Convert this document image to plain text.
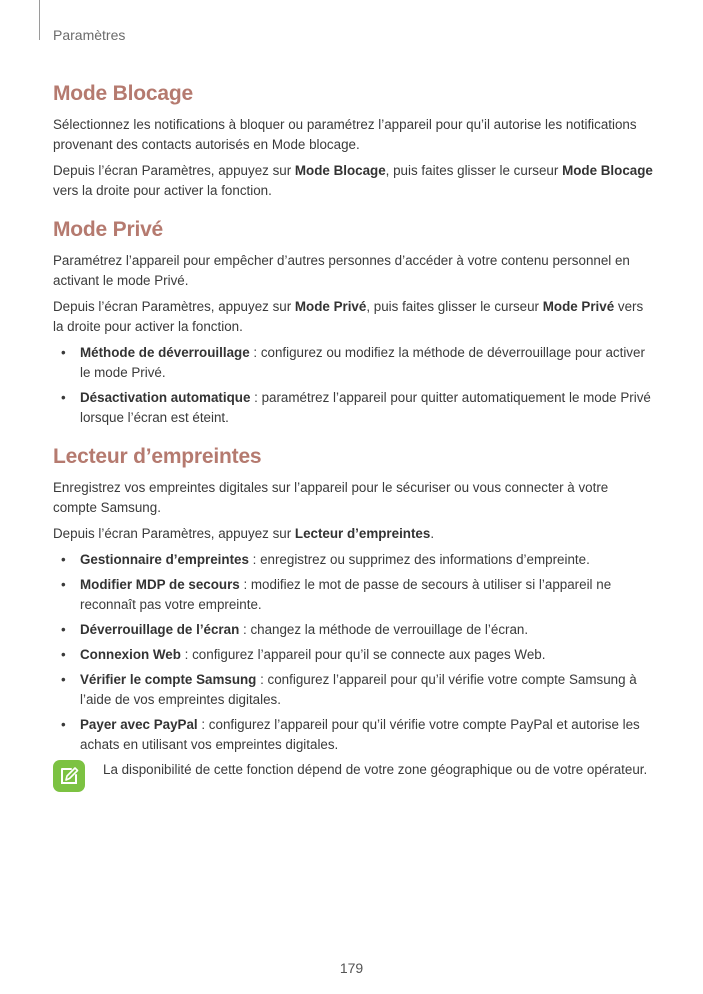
Paramètres
Mode Blocage

Sélectionnez les notifications à bloquer ou paramétrez l’appareil pour qu’il autorise les notifications provenant des contacts autorisés en Mode blocage.

Depuis l’écran Paramètres, appuyez sur Mode Blocage, puis faites glisser le curseur Mode Blocage vers la droite pour activer la fonction.

Mode Privé

Paramétrez l’appareil pour empêcher d’autres personnes d’accéder à votre contenu personnel en activant le mode Privé.

Depuis l’écran Paramètres, appuyez sur Mode Privé, puis faites glisser le curseur Mode Privé vers la droite pour activer la fonction.

• Méthode de déverrouillage : configurez ou modifiez la méthode de déverrouillage pour activer le mode Privé.
• Désactivation automatique : paramétrez l’appareil pour quitter automatiquement le mode Privé lorsque l’écran est éteint.
Lecteur d’empreintes

Enregistrez vos empreintes digitales sur l’appareil pour le sécuriser ou vous connecter à votre compte Samsung.

Depuis l’écran Paramètres, appuyez sur Lecteur d’empreintes.

• Gestionnaire d’empreintes : enregistrez ou supprimez des informations d’empreinte.
• Modifier MDP de secours : modifiez le mot de passe de secours à utiliser si l’appareil ne reconnaît pas votre empreinte.
• Déverrouillage de l’écran : changez la méthode de verrouillage de l’écran.
• Connexion Web : configurez l’appareil pour qu’il se connecte aux pages Web.
• Vérifier le compte Samsung : configurez l’appareil pour qu’il vérifie votre compte Samsung à l’aide de vos empreintes digitales.
• Payer avec PayPal : configurez l’appareil pour qu’il vérifie votre compte PayPal et autorise les achats en utilisant vos empreintes digitales.

La disponibilité de cette fonction dépend de votre zone géographique ou de votre opérateur.

179
